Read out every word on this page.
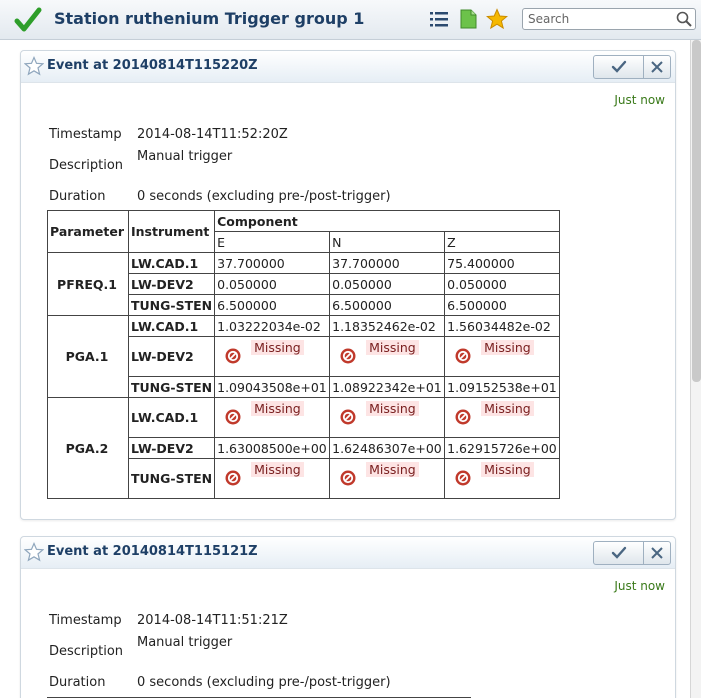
Station ruthenium Trigger group 1
Search
Event at 20140814T115220Z
Just now
Timestamp 2014-08-14T11:52:20Z
Description
Manual trigger
Duration 0 seconds (excluding pre-/post-trigger)
Parameter	Instrument	Component		
		E	N	Z
PFREQ.1	LW.CAD.1	37.700000	37.700000	75.400000
	LW-DEV2	0.050000	0.050000	0.050000
	TUNG-STEN	6.500000	6.500000	6.500000
PGA.1	LW.CAD.1	1.03222034e-02	1.18352462e-02	1.56034482e-02
	LW-DEV2	Missing	Missing	Missing

	TUNG-STEN	1.09043508e+01	1.08922342e+01	1.09152538e+01
PGA.2	LW.CAD.1	Missing	Missing	Missing

	LW-DEV2	1.63008500e+00	1.62486307e+00	1.62915726e+00
	TUNG-STEN	Missing	Missing	Missing
Event at 20140814T115121Z
Just now
Timestamp 2014-08-14T11:51:21Z
Description
Manual trigger
Duration 0 seconds (excluding pre-/post-trigger)
